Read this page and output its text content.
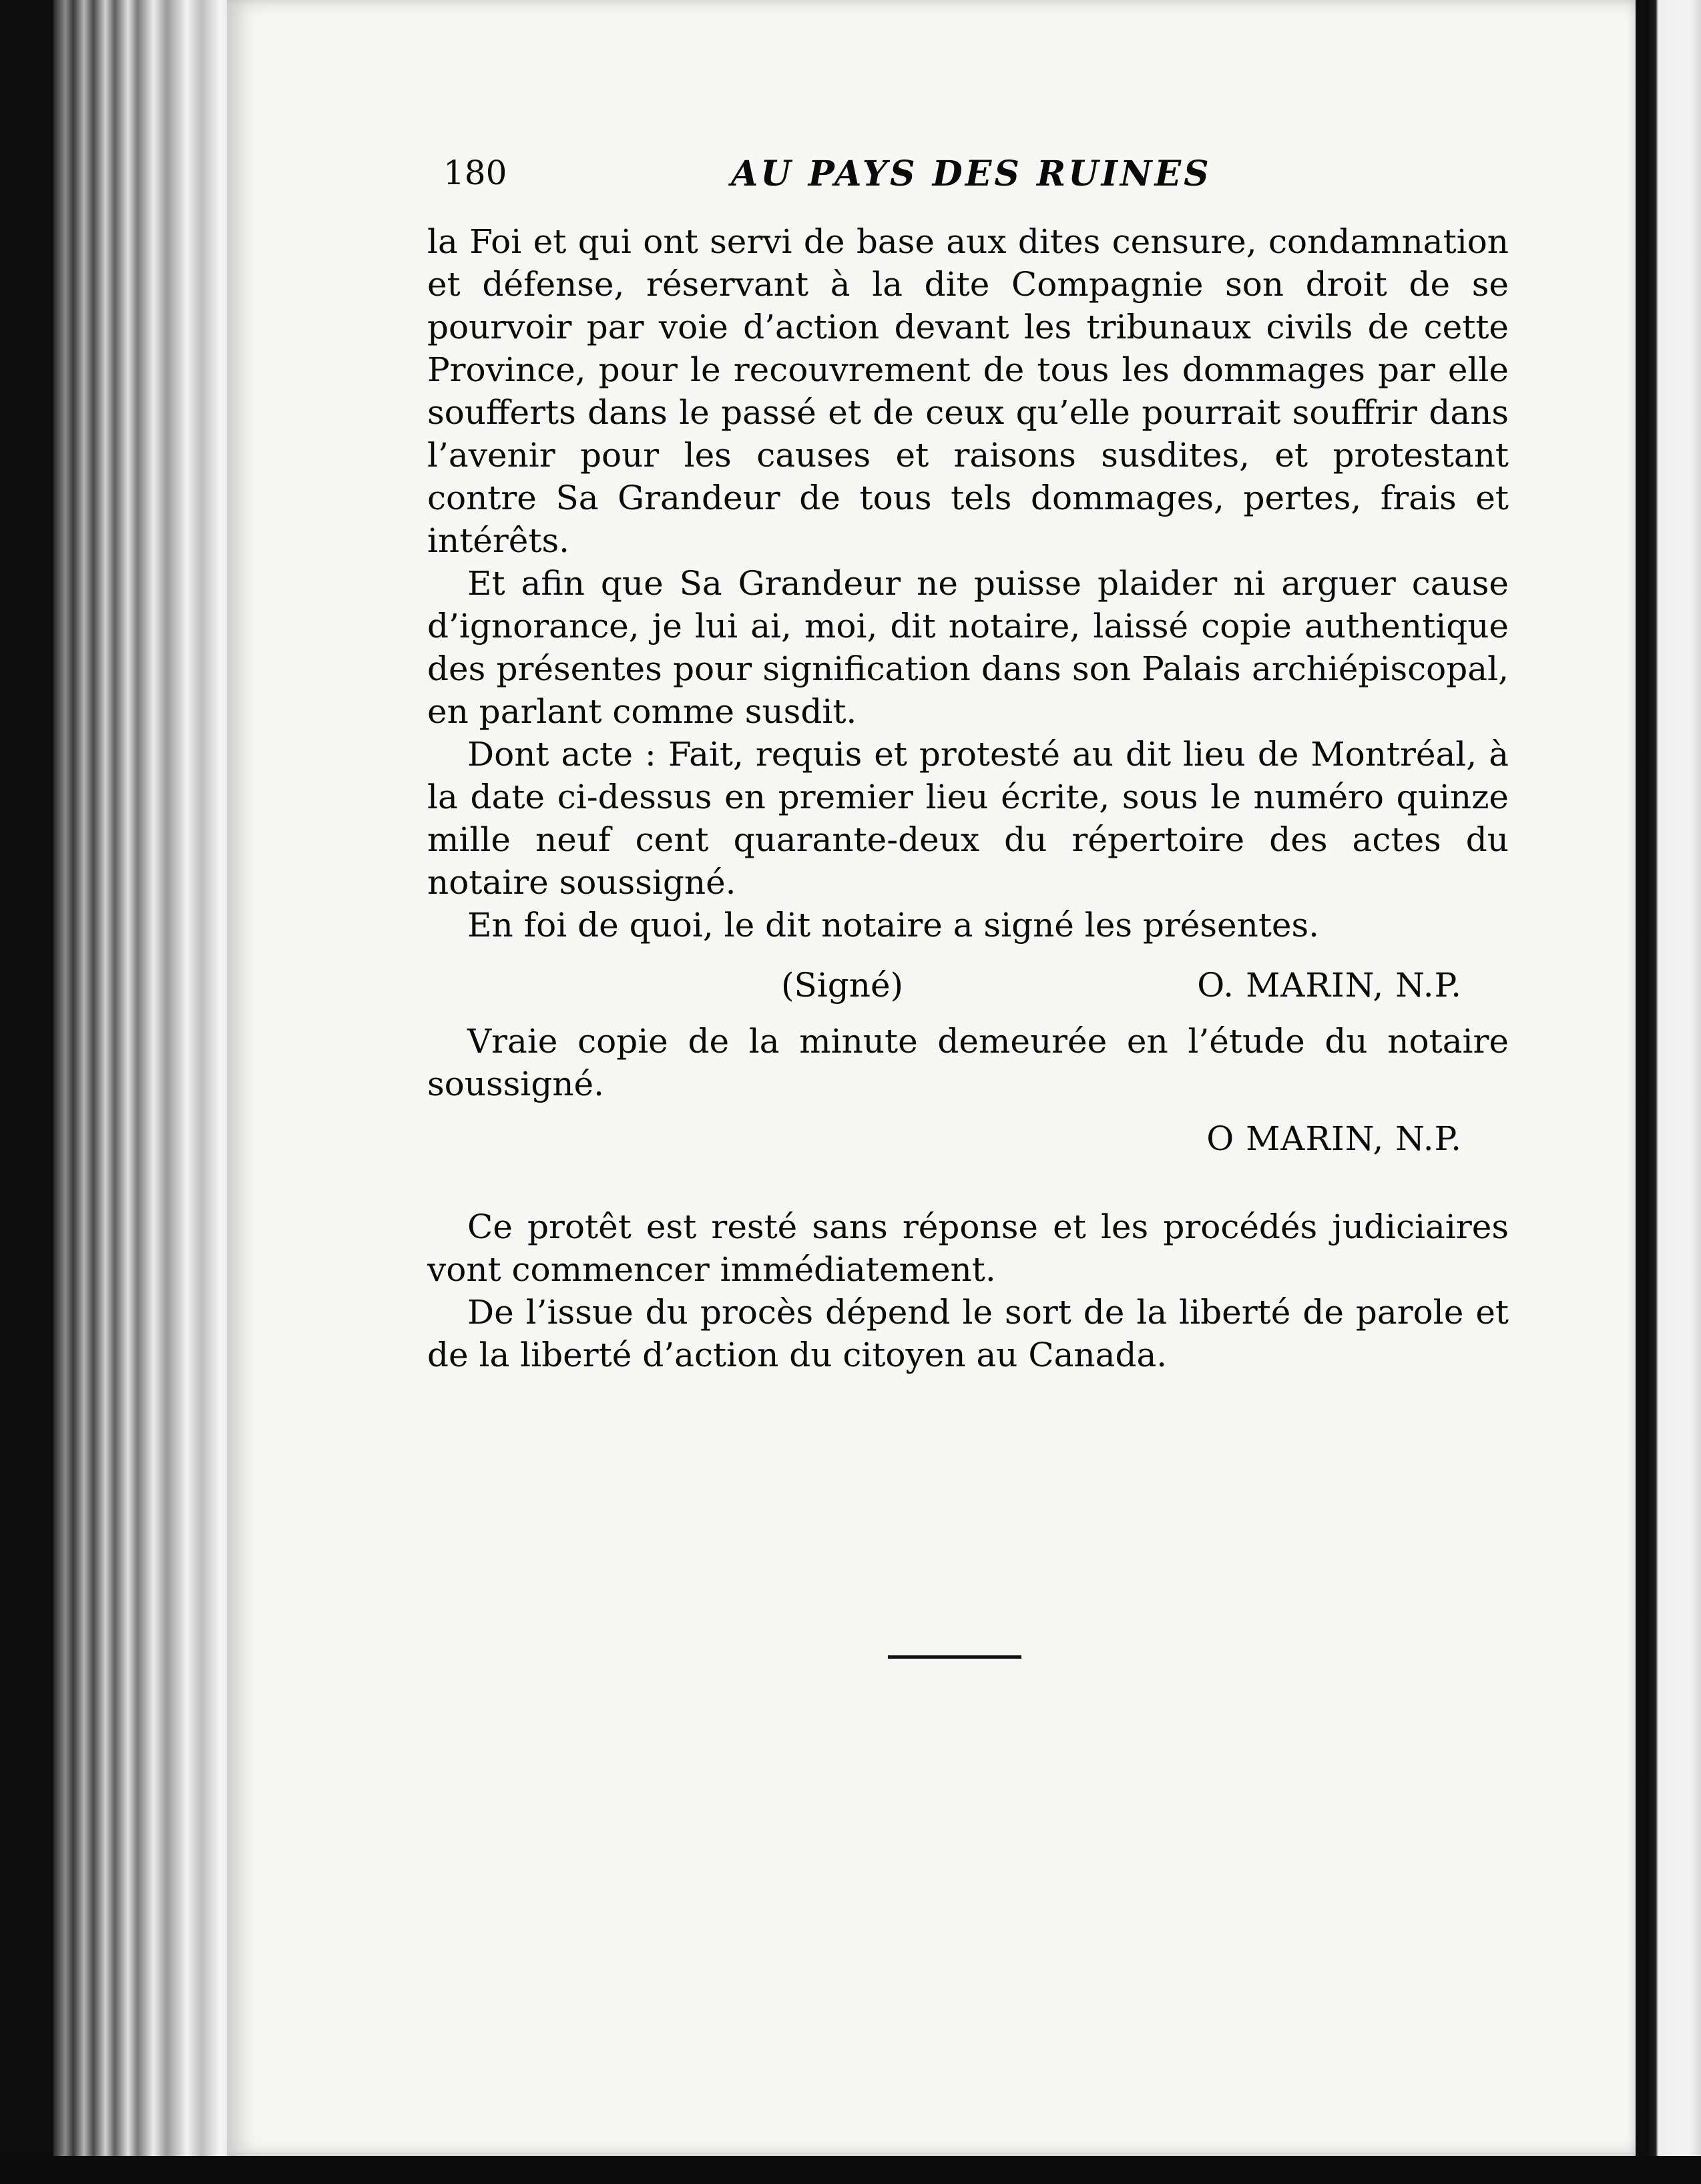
180	AU PAYS DES RUINES

la Foi et qui ont servi de base aux dites censure, condamnation et défense, réservant à la dite Compagnie son droit de se pourvoir par voie d’action devant les tribunaux civils de cette Province, pour le recouvrement de tous les dommages par elle soufferts dans le passé et de ceux qu’elle pourrait souffrir dans l’avenir pour les causes et raisons susdites, et protestant contre Sa Grandeur de tous tels dommages, pertes, frais et intérêts.

Et afin que Sa Grandeur ne puisse plaider ni arguer cause d’ignorance, je lui ai, moi, dit notaire, laissé copie authentique des présentes pour signification dans son Palais archiépiscopal, en parlant comme susdit.

Dont acte : Fait, requis et protesté au dit lieu de Montréal, à la date ci-dessus en premier lieu écrite, sous le numéro quinze mille neuf cent quarante-deux du répertoire des actes du notaire soussigné.

En foi de quoi, le dit notaire a signé les présentes.

(Signé)	O. MARIN, N.P.

Vraie copie de la minute demeurée en l’étude du notaire soussigné.

O MARIN, N.P.

Ce protêt est resté sans réponse et les procédés judiciaires vont commencer immédiatement.

De l’issue du procès dépend le sort de la liberté de parole et de la liberté d’action du citoyen au Canada.
